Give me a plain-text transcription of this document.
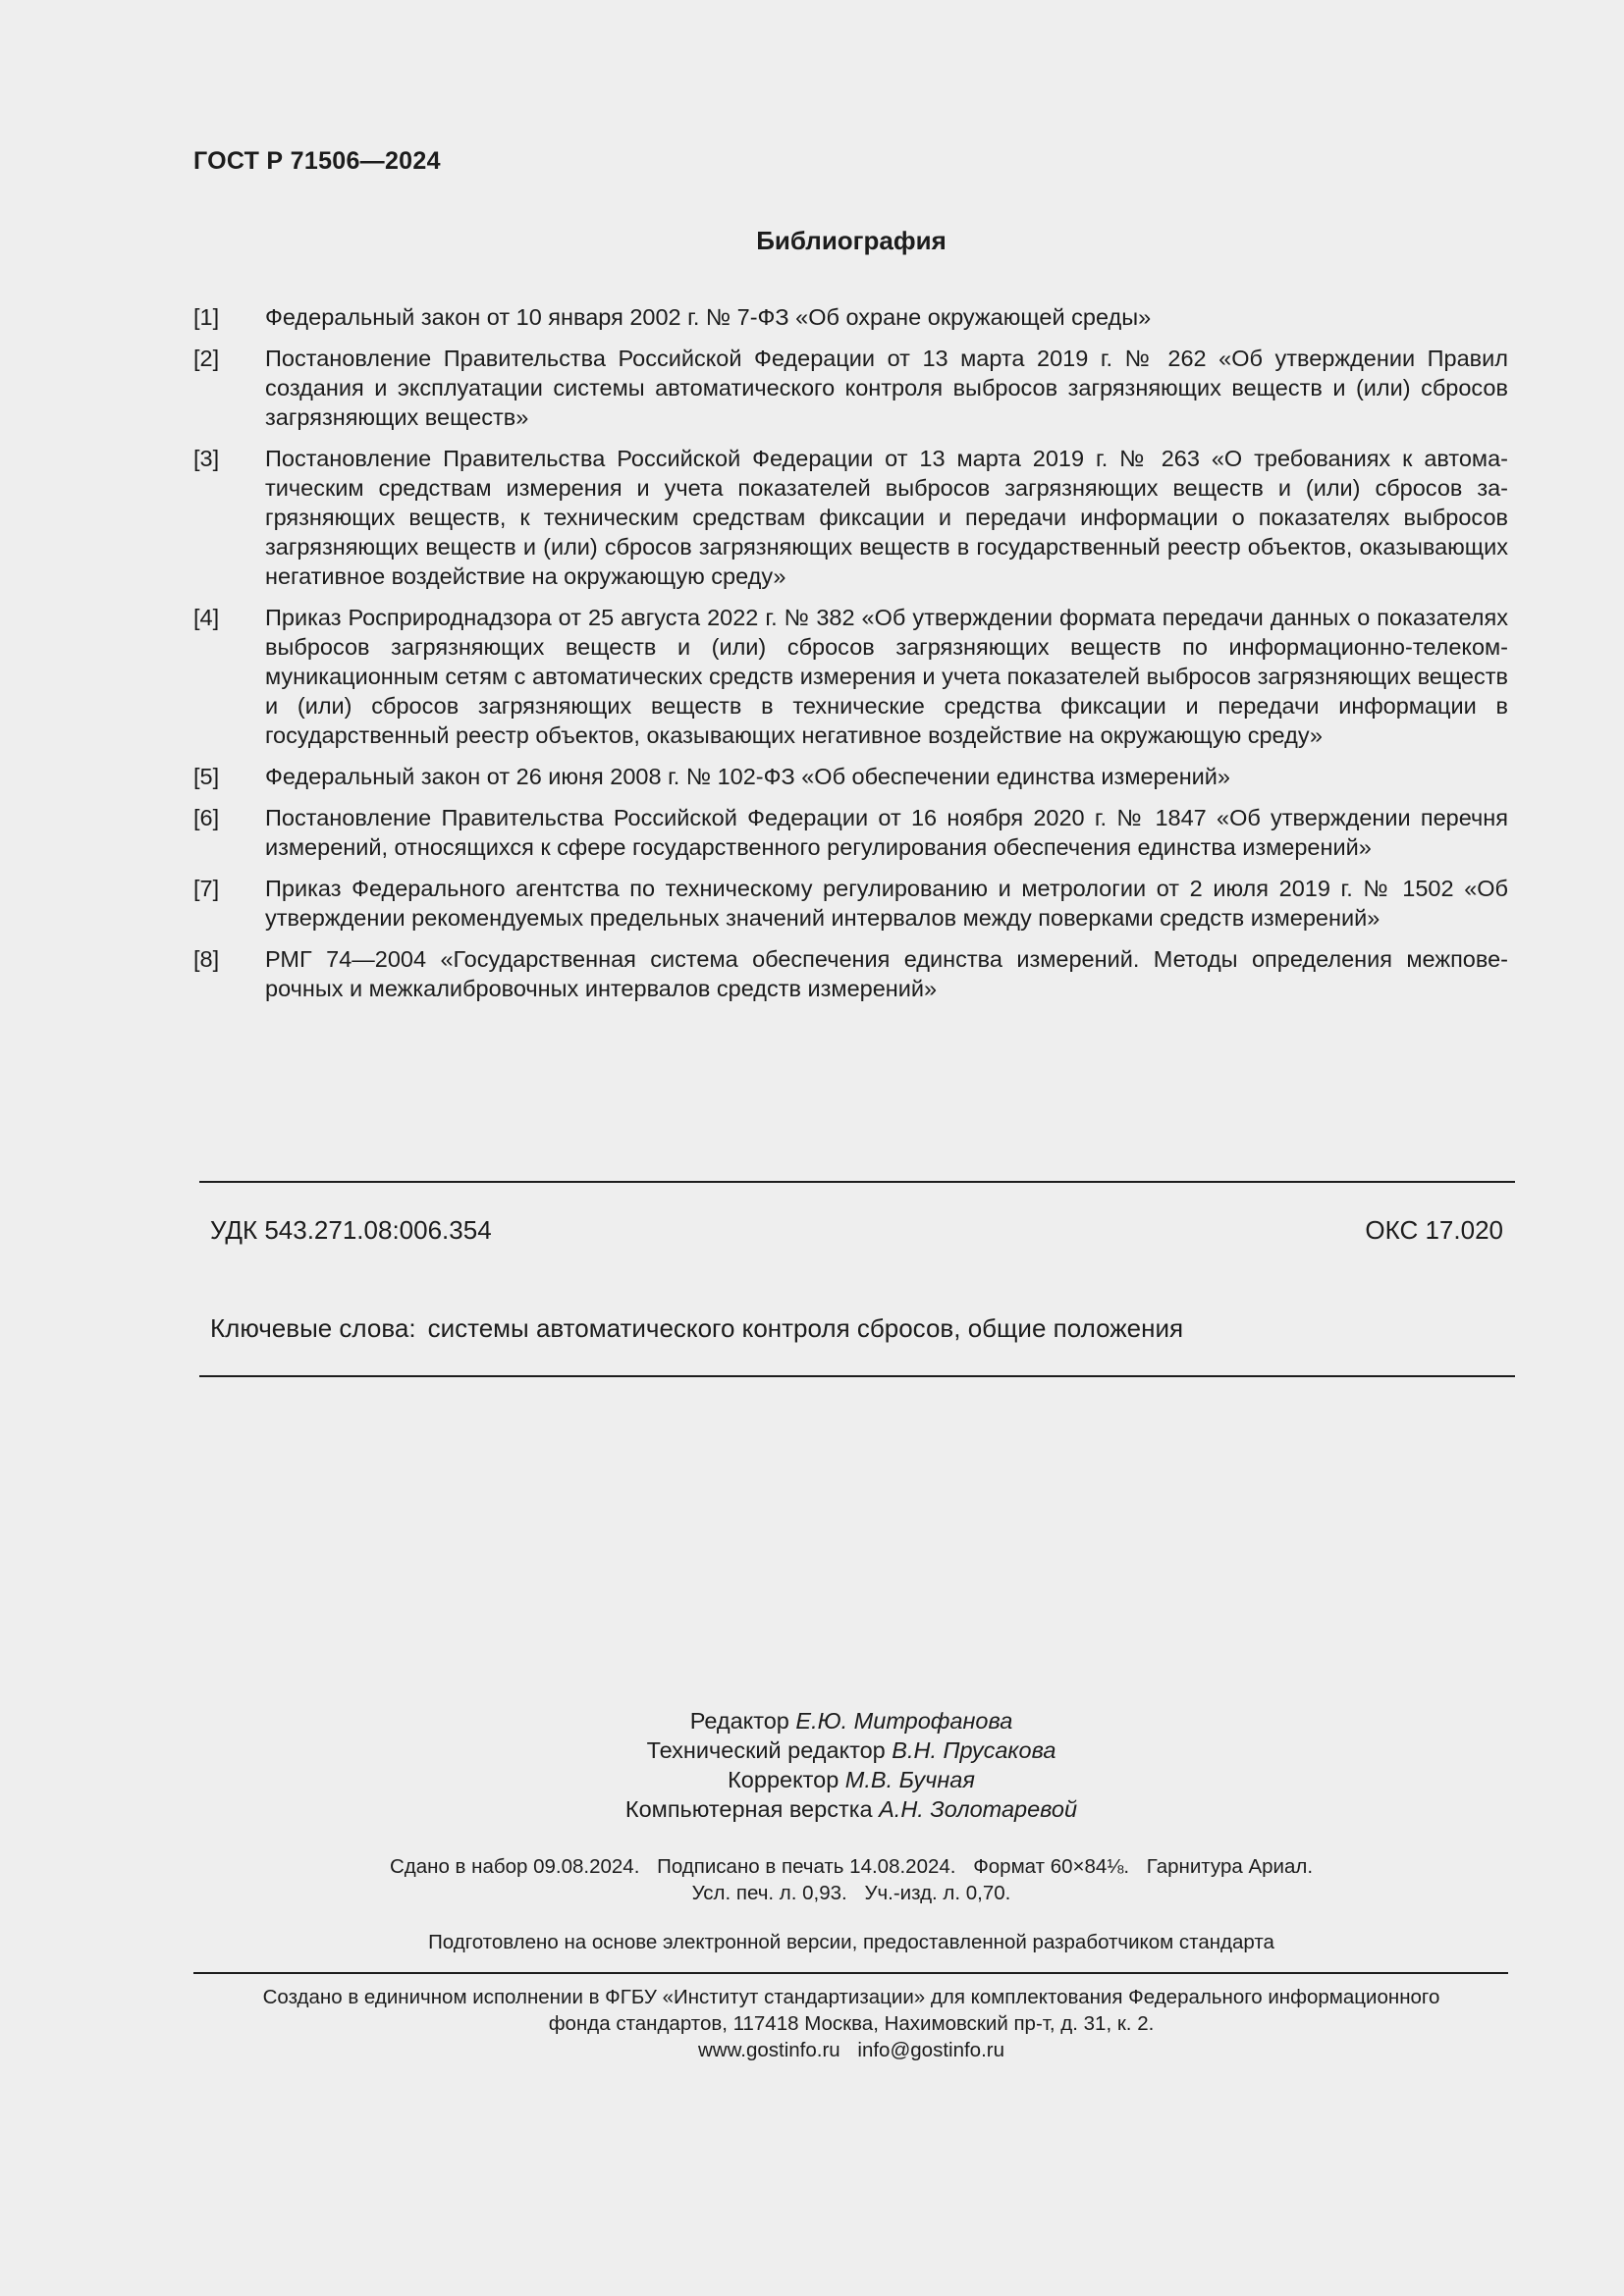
ГОСТ Р 71506—2024
Библиография
[1]	Федеральный закон от 10 января 2002 г. № 7-ФЗ «Об охране окружающей среды»
[2]	Постановление Правительства Российской Федерации от 13 марта 2019 г. № 262 «Об утверждении Правил создания и эксплуатации системы автоматического контроля выбросов загрязняющих веществ и (или) сбросов загрязняющих веществ»
[3]	Постановление Правительства Российской Федерации от 13 марта 2019 г. № 263 «О требованиях к автоматическим средствам измерения и учета показателей выбросов загрязняющих веществ и (или) сбросов загрязняющих веществ, к техническим средствам фиксации и передачи информации о показателях выбросов загрязняющих веществ и (или) сбросов загрязняющих веществ в государственный реестр объектов, оказывающих негативное воздействие на окружающую среду»
[4]	Приказ Росприроднадзора от 25 августа 2022 г. № 382 «Об утверждении формата передачи данных о показателях выбросов загрязняющих веществ и (или) сбросов загрязняющих веществ по информационно-телекоммуникационным сетям с автоматических средств измерения и учета показателей выбросов загрязняющих веществ и (или) сбросов загрязняющих веществ в технические средства фиксации и передачи информации в государственный реестр объектов, оказывающих негативное воздействие на окружающую среду»
[5]	Федеральный закон от 26 июня 2008 г. № 102-ФЗ «Об обеспечении единства измерений»
[6]	Постановление Правительства Российской Федерации от 16 ноября 2020 г. № 1847 «Об утверждении перечня измерений, относящихся к сфере государственного регулирования обеспечения единства измерений»
[7]	Приказ Федерального агентства по техническому регулированию и метрологии от 2 июля 2019 г. № 1502 «Об утверждении рекомендуемых предельных значений интервалов между поверками средств измерений»
[8]	РМГ 74—2004 «Государственная система обеспечения единства измерений. Методы определения межповерочных и межкалибровочных интервалов средств измерений»
УДК 543.271.08:006.354	ОКС 17.020
Ключевые слова: системы автоматического контроля сбросов, общие положения
Редактор Е.Ю. Митрофанова
Технический редактор В.Н. Прусакова
Корректор М.В. Бучная
Компьютерная верстка А.Н. Золотаревой
Сдано в набор 09.08.2024. Подписано в печать 14.08.2024. Формат 60×84⅛. Гарнитура Ариал.
Усл. печ. л. 0,93. Уч.-изд. л. 0,70.
Подготовлено на основе электронной версии, предоставленной разработчиком стандарта
Создано в единичном исполнении в ФГБУ «Институт стандартизации» для комплектования Федерального информационного
фонда стандартов, 117418 Москва, Нахимовский пр-т, д. 31, к. 2.
www.gostinfo.ru info@gostinfo.ru
